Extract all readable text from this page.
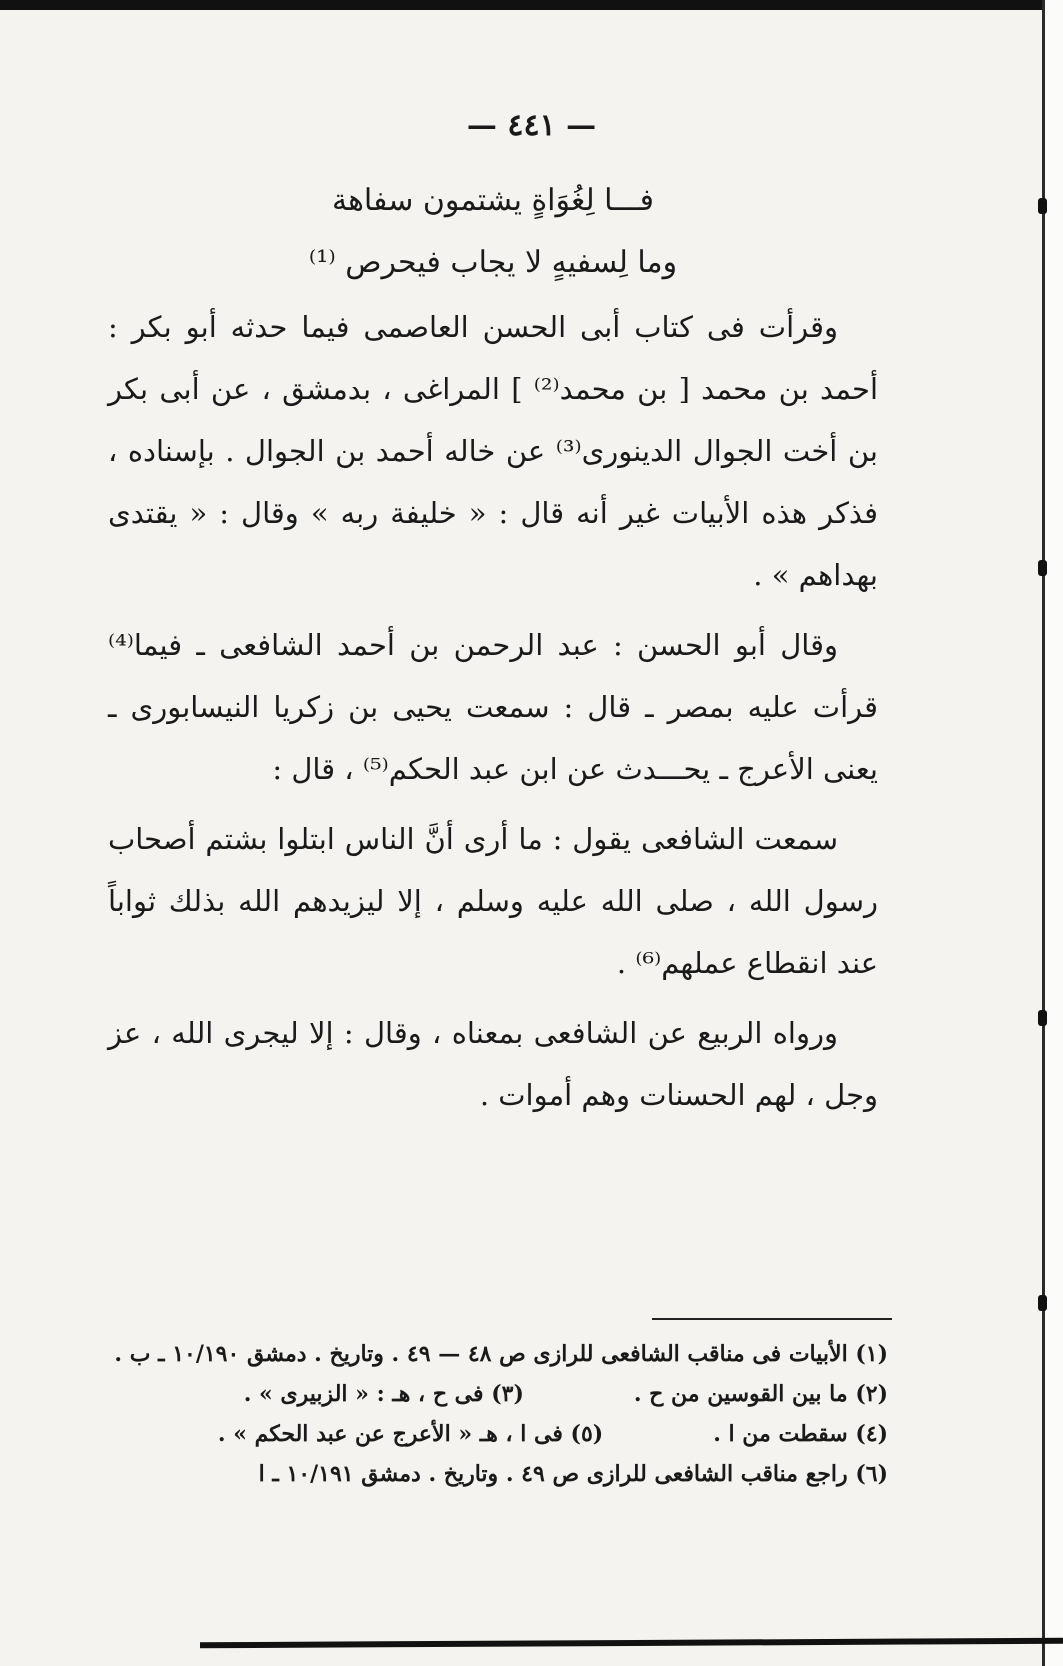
— ٤٤١ —
فـــا لِغُوَاةٍ يشتمون سفاهة وما لِسفيهٍ لا يجاب فيحرص ⁽¹⁾

وقرأت فى كتاب أبى الحسن العاصمى فيما حدثه أبو بكر : أحمد بن محمد [ بن محمد⁽²⁾ ] المراغى ، بدمشق ، عن أبى بكر بن أخت الجوال الدينورى⁽³⁾ عن خاله أحمد بن الجوال . بإسناده ، فذكر هذه الأبيات غير أنه قال : « خليفة ربه » وقال : « يقتدى بهداهم » .

وقال أبو الحسن : عبد الرحمن بن أحمد الشافعى ـ فيما⁽⁴⁾ قرأت عليه بمصر ـ قال : سمعت يحيى بن زكريا النيسابورى ـ يعنى الأعرج ـ يحـــدث عن ابن عبد الحكم⁽⁵⁾ ، قال :

سمعت الشافعى يقول : ما أرى أنَّ الناس ابتلوا بشتم أصحاب رسول الله ، صلى الله عليه وسلم ، إلا ليزيدهم الله بذلك ثواباً عند انقطاع عملهم⁽⁶⁾ .

ورواه الربيع عن الشافعى بمعناه ، وقال : إلا ليجرى الله ، عز وجل ، لهم الحسنات وهم أموات .

(١) الأبيات فى مناقب الشافعى للرازى ص ٤٨ — ٤٩ . وتاريخ . دمشق ١٠/١٩٠ ـ ب .
(٢) ما بين القوسين من ح .
(٣) فى ح ، هـ : « الزبيرى » .
(٤) سقطت من ا .
(٥) فى ا ، هـ « الأعرج عن عبد الحكم » .
(٦) راجع مناقب الشافعى للرازى ص ٤٩ . وتاريخ . دمشق ١٠/١٩١ ـ ا
